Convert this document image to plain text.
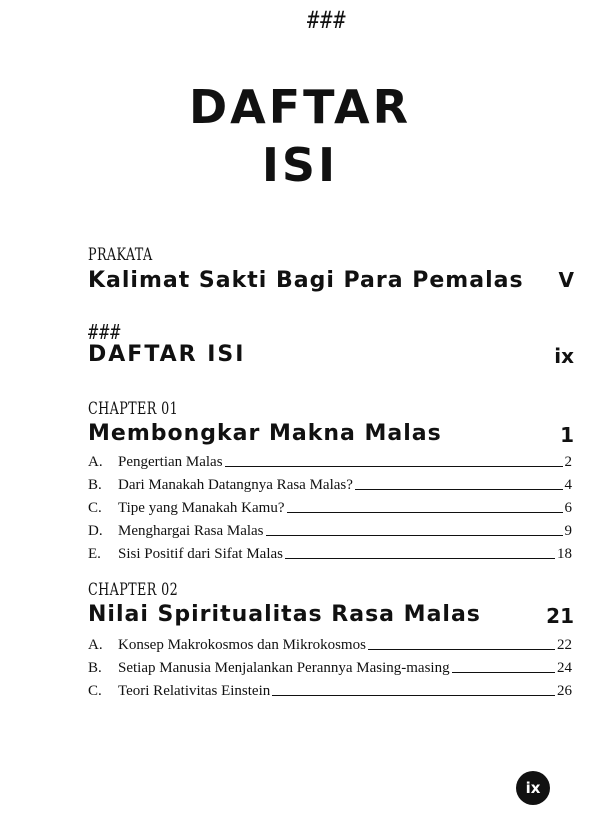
###
DAFTAR
ISI
PRAKATA
Kalimat Sakti Bagi Para Pemalas	V
###
DAFTAR ISI	ix
CHAPTER 01
Membongkar Makna Malas	1
A.	Pengertian Malas	2
B.	Dari Manakah Datangnya Rasa Malas?	4
C.	Tipe yang Manakah Kamu?	6
D.	Menghargai Rasa Malas	9
E.	Sisi Positif dari Sifat Malas	18
CHAPTER 02
Nilai Spiritualitas Rasa Malas	21
A.	Konsep Makrokosmos dan Mikrokosmos	22
B.	Setiap Manusia Menjalankan Perannya Masing-masing	24
C.	Teori Relativitas Einstein	26
ix
